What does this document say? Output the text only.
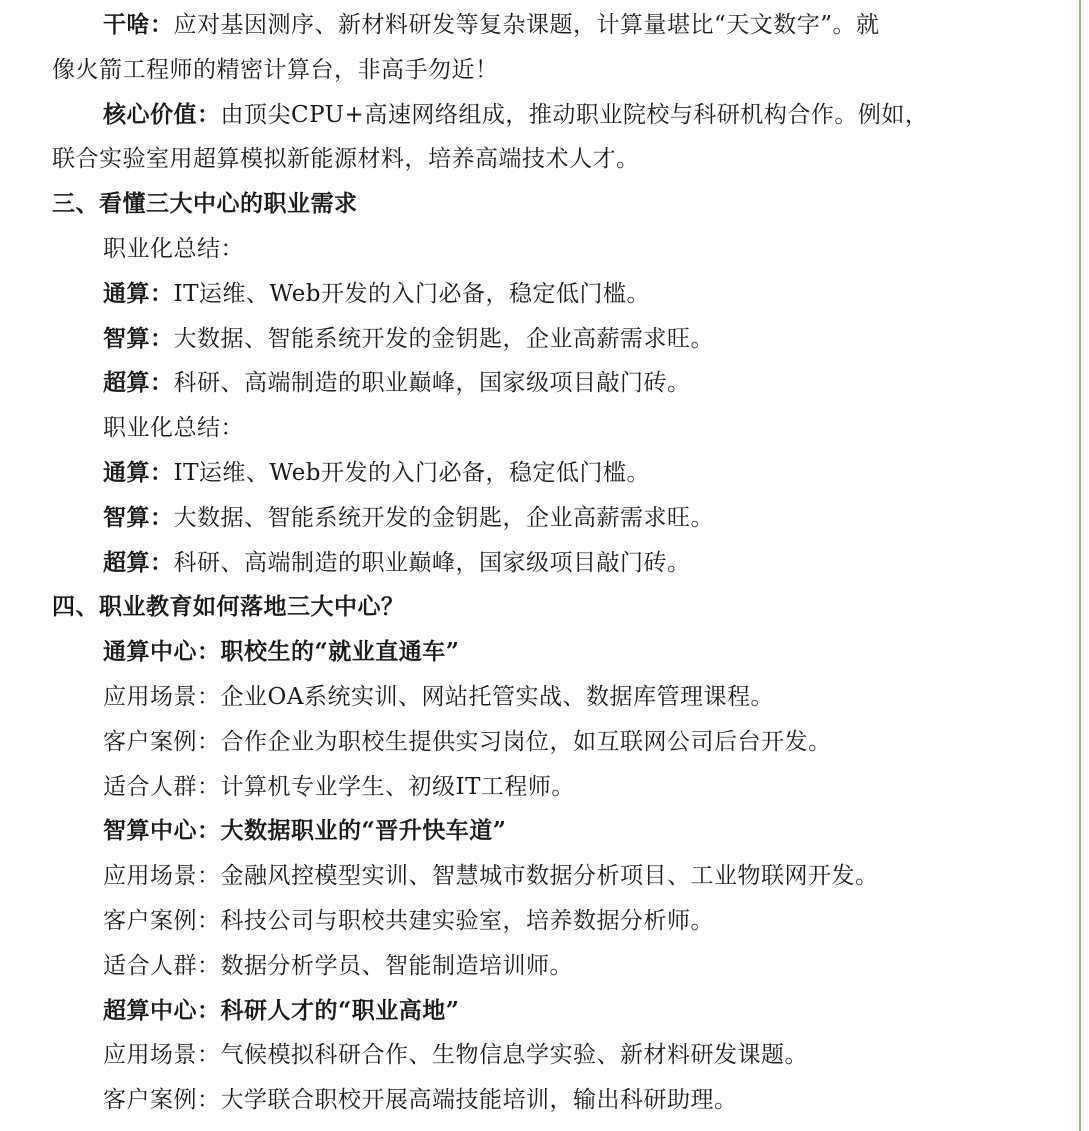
干啥：应对基因测序、新材料研发等复杂课题，计算量堪比“天文数字”。就
像火箭工程师的精密计算台，非高手勿近！
核心价值：由顶尖CPU+高速网络组成，推动职业院校与科研机构合作。例如，
联合实验室用超算模拟新能源材料，培养高端技术人才。
三、看懂三大中心的职业需求
职业化总结：
通算：IT运维、Web开发的入门必备，稳定低门槛。
智算：大数据、智能系统开发的金钥匙，企业高薪需求旺。
超算：科研、高端制造的职业巅峰，国家级项目敲门砖。
职业化总结：
通算：IT运维、Web开发的入门必备，稳定低门槛。
智算：大数据、智能系统开发的金钥匙，企业高薪需求旺。
超算：科研、高端制造的职业巅峰，国家级项目敲门砖。
四、职业教育如何落地三大中心？
通算中心：职校生的“就业直通车”
应用场景：企业OA系统实训、网站托管实战、数据库管理课程。
客户案例：合作企业为职校生提供实习岗位，如互联网公司后台开发。
适合人群：计算机专业学生、初级IT工程师。
智算中心：大数据职业的“晋升快车道”
应用场景：金融风控模型实训、智慧城市数据分析项目、工业物联网开发。
客户案例：科技公司与职校共建实验室，培养数据分析师。
适合人群：数据分析学员、智能制造培训师。
超算中心：科研人才的“职业高地”
应用场景：气候模拟科研合作、生物信息学实验、新材料研发课题。
客户案例：大学联合职校开展高端技能培训，输出科研助理。
